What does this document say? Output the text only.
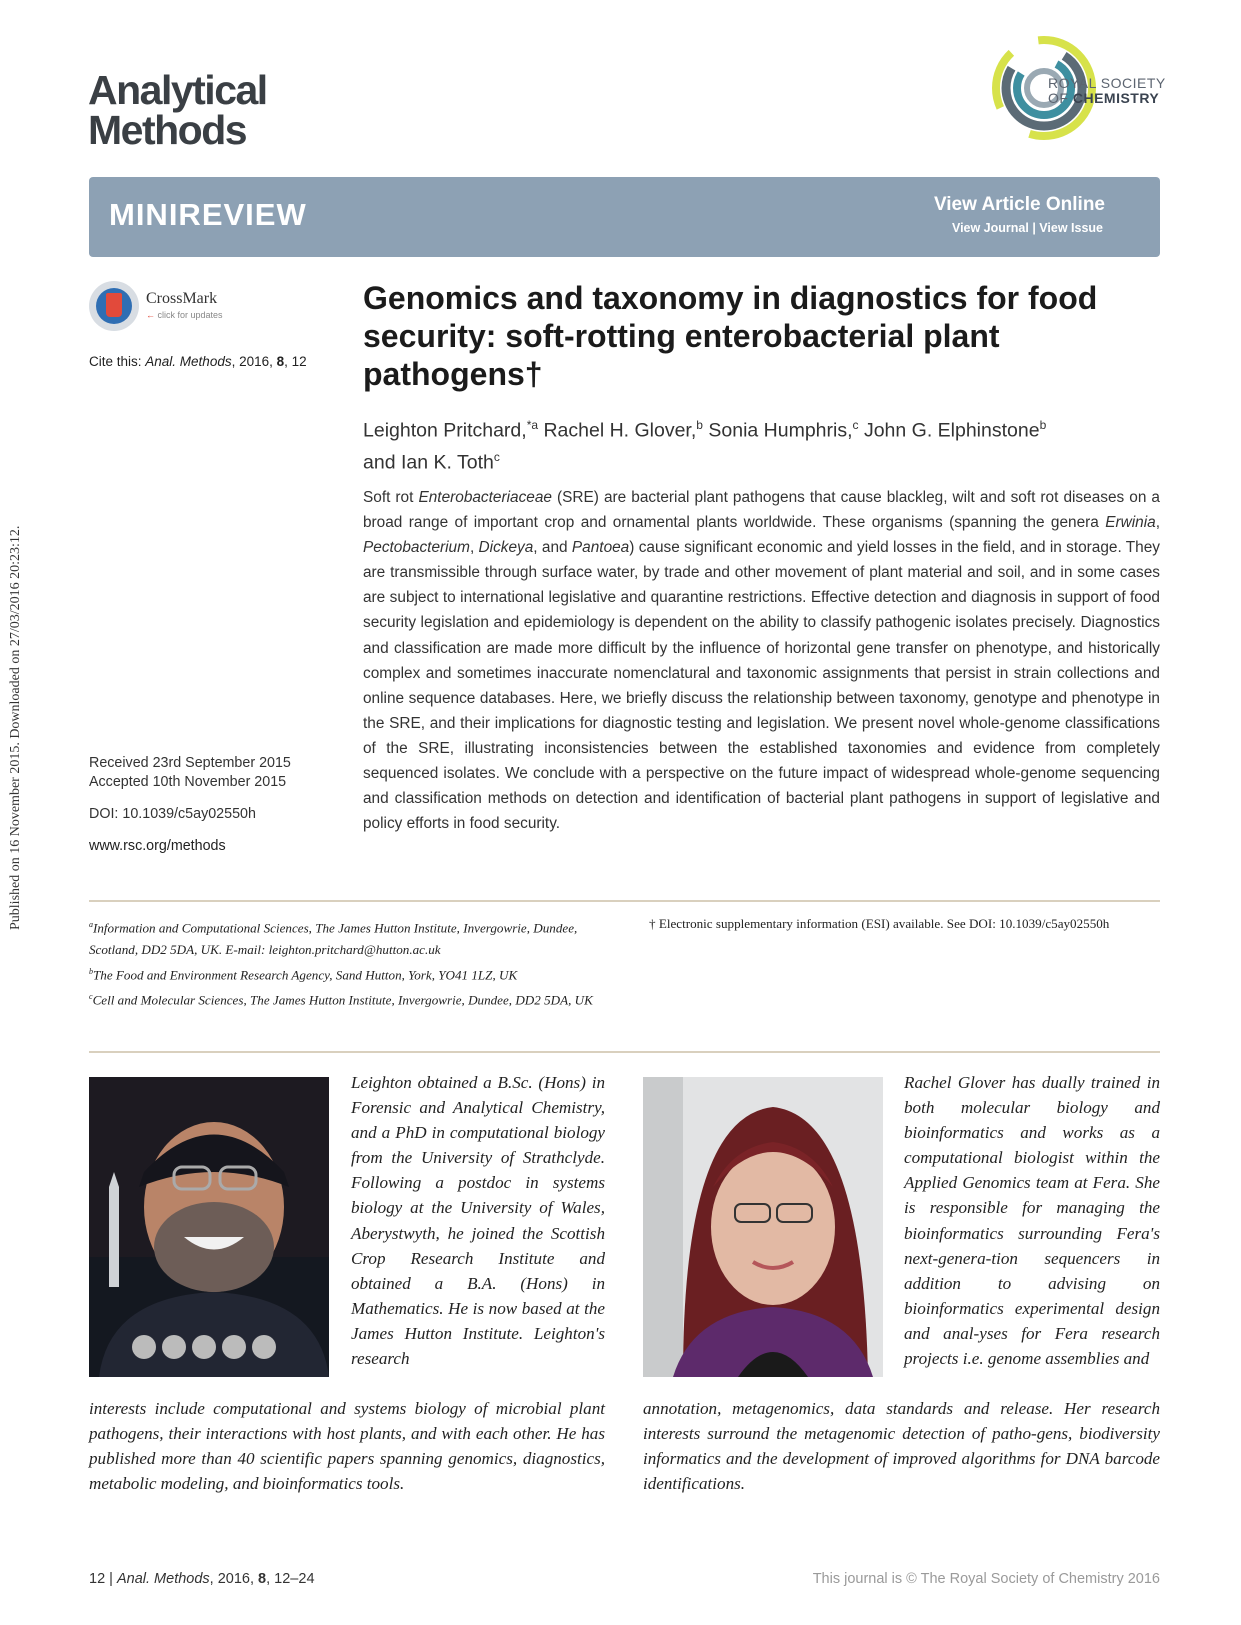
Published on 16 November 2015. Downloaded on 27/03/2016 20:23:12.
Analytical
Methods
ROYAL SOCIETY
OF CHEMISTRY
MINIREVIEW	View Article Online
View Journal | View Issue
CrossMark
← click for updates
Cite this: Anal. Methods, 2016, 8, 12
Genomics and taxonomy in diagnostics for food security: soft-rotting enterobacterial plant pathogens†
Leighton Pritchard,$^{*a}$ Rachel H. Glover,$^b$ Sonia Humphris,$^c$ John G. Elphinstone$^b$
and Ian K. Toth$^c$
Soft rot Enterobacteriaceae (SRE) are bacterial plant pathogens that cause blackleg, wilt and soft rot diseases on a broad range of important crop and ornamental plants worldwide. These organisms (spanning the genera Erwinia, Pectobacterium, Dickeya, and Pantoea) cause significant economic and yield losses in the field, and in storage. They are transmissible through surface water, by trade and other movement of plant material and soil, and in some cases are subject to international legislative and quarantine restrictions. Effective detection and diagnosis in support of food security legislation and epidemiology is dependent on the ability to classify pathogenic isolates precisely. Diagnostics and classification are made more difficult by the influence of horizontal gene transfer on phenotype, and historically complex and sometimes inaccurate nomenclatural and taxonomic assignments that persist in strain collections and online sequence databases. Here, we briefly discuss the relationship between taxonomy, genotype and phenotype in the SRE, and their implications for diagnostic testing and legislation. We present novel whole-genome classifications of the SRE, illustrating inconsistencies between the established taxonomies and evidence from completely sequenced isolates. We conclude with a perspective on the future impact of widespread whole-genome sequencing and classification methods on detection and identification of bacterial plant pathogens in support of legislative and policy efforts in food security.
Received 23rd September 2015
Accepted 10th November 2015
DOI: 10.1039/c5ay02550h
www.rsc.org/methods

$^a$Information and Computational Sciences, The James Hutton Institute, Invergowrie, Dundee, Scotland, DD2 5DA, UK. E-mail: leighton.pritchard@hutton.ac.uk

$^b$The Food and Environment Research Agency, Sand Hutton, York, YO41 1LZ, UK

$^c$Cell and Molecular Sciences, The James Hutton Institute, Invergowrie, Dundee, DD2 5DA, UK

† Electronic supplementary information (ESI) available. See DOI: 10.1039/c5ay02550h
Leighton obtained a B.Sc. (Hons) in Forensic and Analytical Chemistry, and a PhD in computational biology from the University of Strathclyde. Following a postdoc in systems biology at the University of Wales, Aberystwyth, he joined the Scottish Crop Research Institute and obtained a B.A. (Hons) in Mathematics. He is now based at the James Hutton Institute. Leighton's research
interests include computational and systems biology of microbial plant pathogens, their interactions with host plants, and with each other. He has published more than 40 scientific papers spanning genomics, diagnostics, metabolic modeling, and bioinformatics tools.
Rachel Glover has dually trained in both molecular biology and bioinformatics and works as a computational biologist within the Applied Genomics team at Fera. She is responsible for managing the bioinformatics surrounding Fera's next-genera-tion sequencers in addition to advising on bioinformatics experimental design and anal-yses for Fera research projects i.e. genome assemblies and
annotation, metagenomics, data standards and release. Her research interests surround the metagenomic detection of patho-gens, biodiversity informatics and the development of improved algorithms for DNA barcode identifications.
12 | Anal. Methods, 2016, 8, 12–24	This journal is © The Royal Society of Chemistry 2016
